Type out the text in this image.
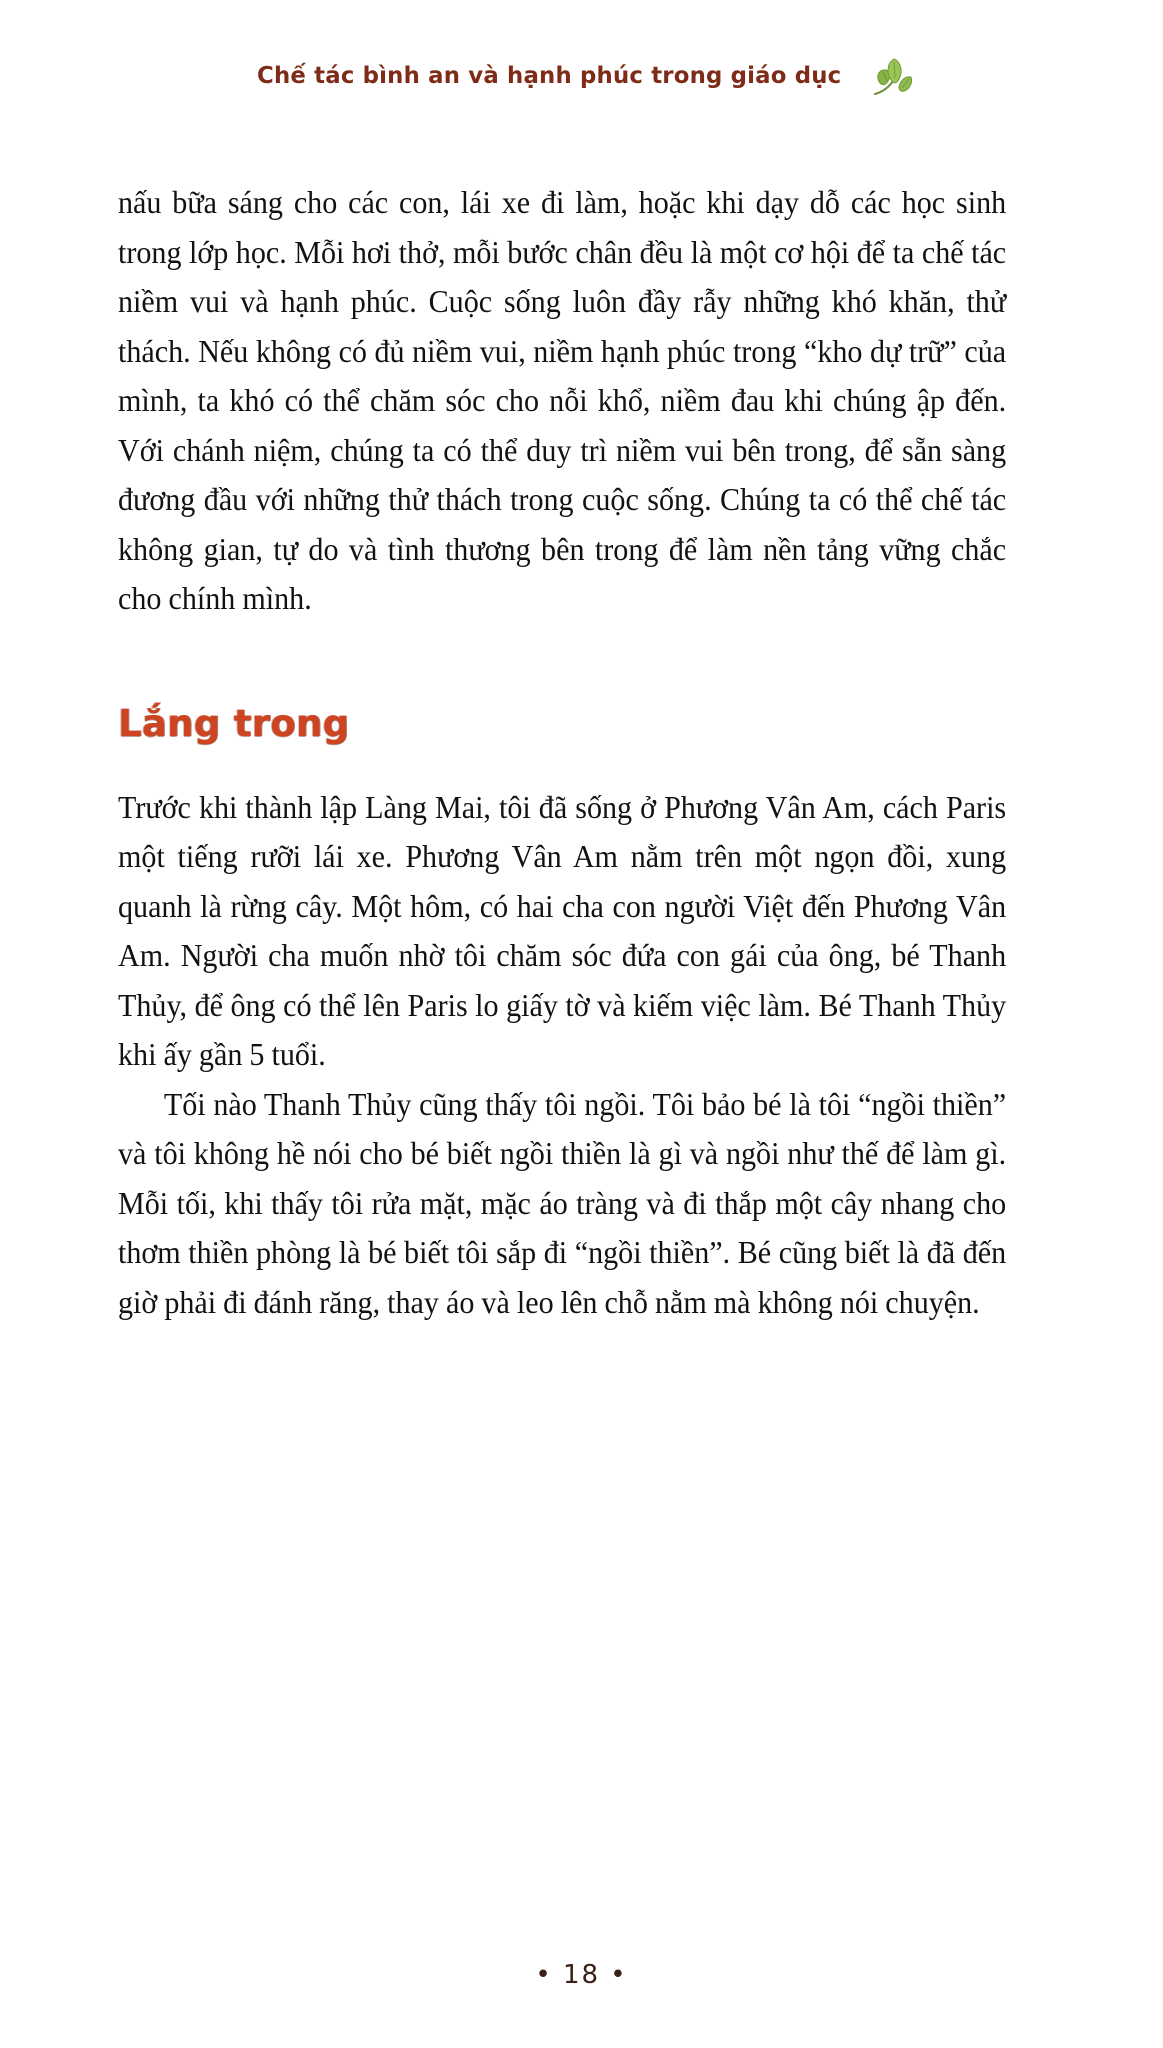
Chế tác bình an và hạnh phúc trong giáo dục

nấu bữa sáng cho các con, lái xe đi làm, hoặc khi dạy dỗ các học sinh trong lớp học. Mỗi hơi thở, mỗi bước chân đều là một cơ hội để ta chế tác niềm vui và hạnh phúc. Cuộc sống luôn đầy rẫy những khó khăn, thử thách. Nếu không có đủ niềm vui, niềm hạnh phúc trong “kho dự trữ” của mình, ta khó có thể chăm sóc cho nỗi khổ, niềm đau khi chúng ập đến. Với chánh niệm, chúng ta có thể duy trì niềm vui bên trong, để sẵn sàng đương đầu với những thử thách trong cuộc sống. Chúng ta có thể chế tác không gian, tự do và tình thương bên trong để làm nền tảng vững chắc cho chính mình.

Lắng trong

Trước khi thành lập Làng Mai, tôi đã sống ở Phương Vân Am, cách Paris một tiếng rưỡi lái xe. Phương Vân Am nằm trên một ngọn đồi, xung quanh là rừng cây. Một hôm, có hai cha con người Việt đến Phương Vân Am. Người cha muốn nhờ tôi chăm sóc đứa con gái của ông, bé Thanh Thủy, để ông có thể lên Paris lo giấy tờ và kiếm việc làm. Bé Thanh Thủy khi ấy gần 5 tuổi.

Tối nào Thanh Thủy cũng thấy tôi ngồi. Tôi bảo bé là tôi “ngồi thiền” và tôi không hề nói cho bé biết ngồi thiền là gì và ngồi như thế để làm gì. Mỗi tối, khi thấy tôi rửa mặt, mặc áo tràng và đi thắp một cây nhang cho thơm thiền phòng là bé biết tôi sắp đi “ngồi thiền”. Bé cũng biết là đã đến giờ phải đi đánh răng, thay áo và leo lên chỗ nằm mà không nói chuyện.

• 18 •
